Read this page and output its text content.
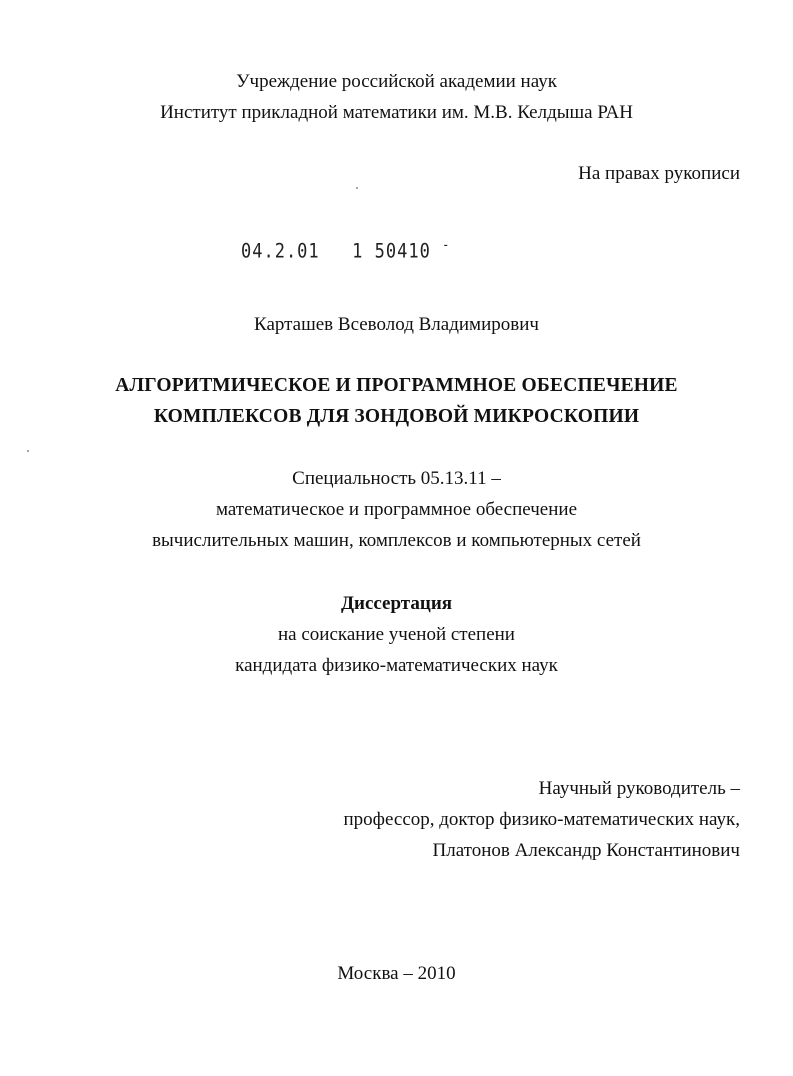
Учреждение российской академии наук
Институт прикладной математики им. М.В. Келдыша РАН
На правах рукописи
04.2.01 1 50410 -
Карташев Всеволод Владимирович
АЛГОРИТМИЧЕСКОЕ И ПРОГРАММНОЕ ОБЕСПЕЧЕНИЕ
КОМПЛЕКСОВ ДЛЯ ЗОНДОВОЙ МИКРОСКОПИИ
Специальность 05.13.11 –
математическое и программное обеспечение
вычислительных машин, комплексов и компьютерных сетей
Диссертация
на соискание ученой степени
кандидата физико-математических наук
Научный руководитель –
профессор, доктор физико-математических наук,
Платонов Александр Константинович
Москва – 2010
